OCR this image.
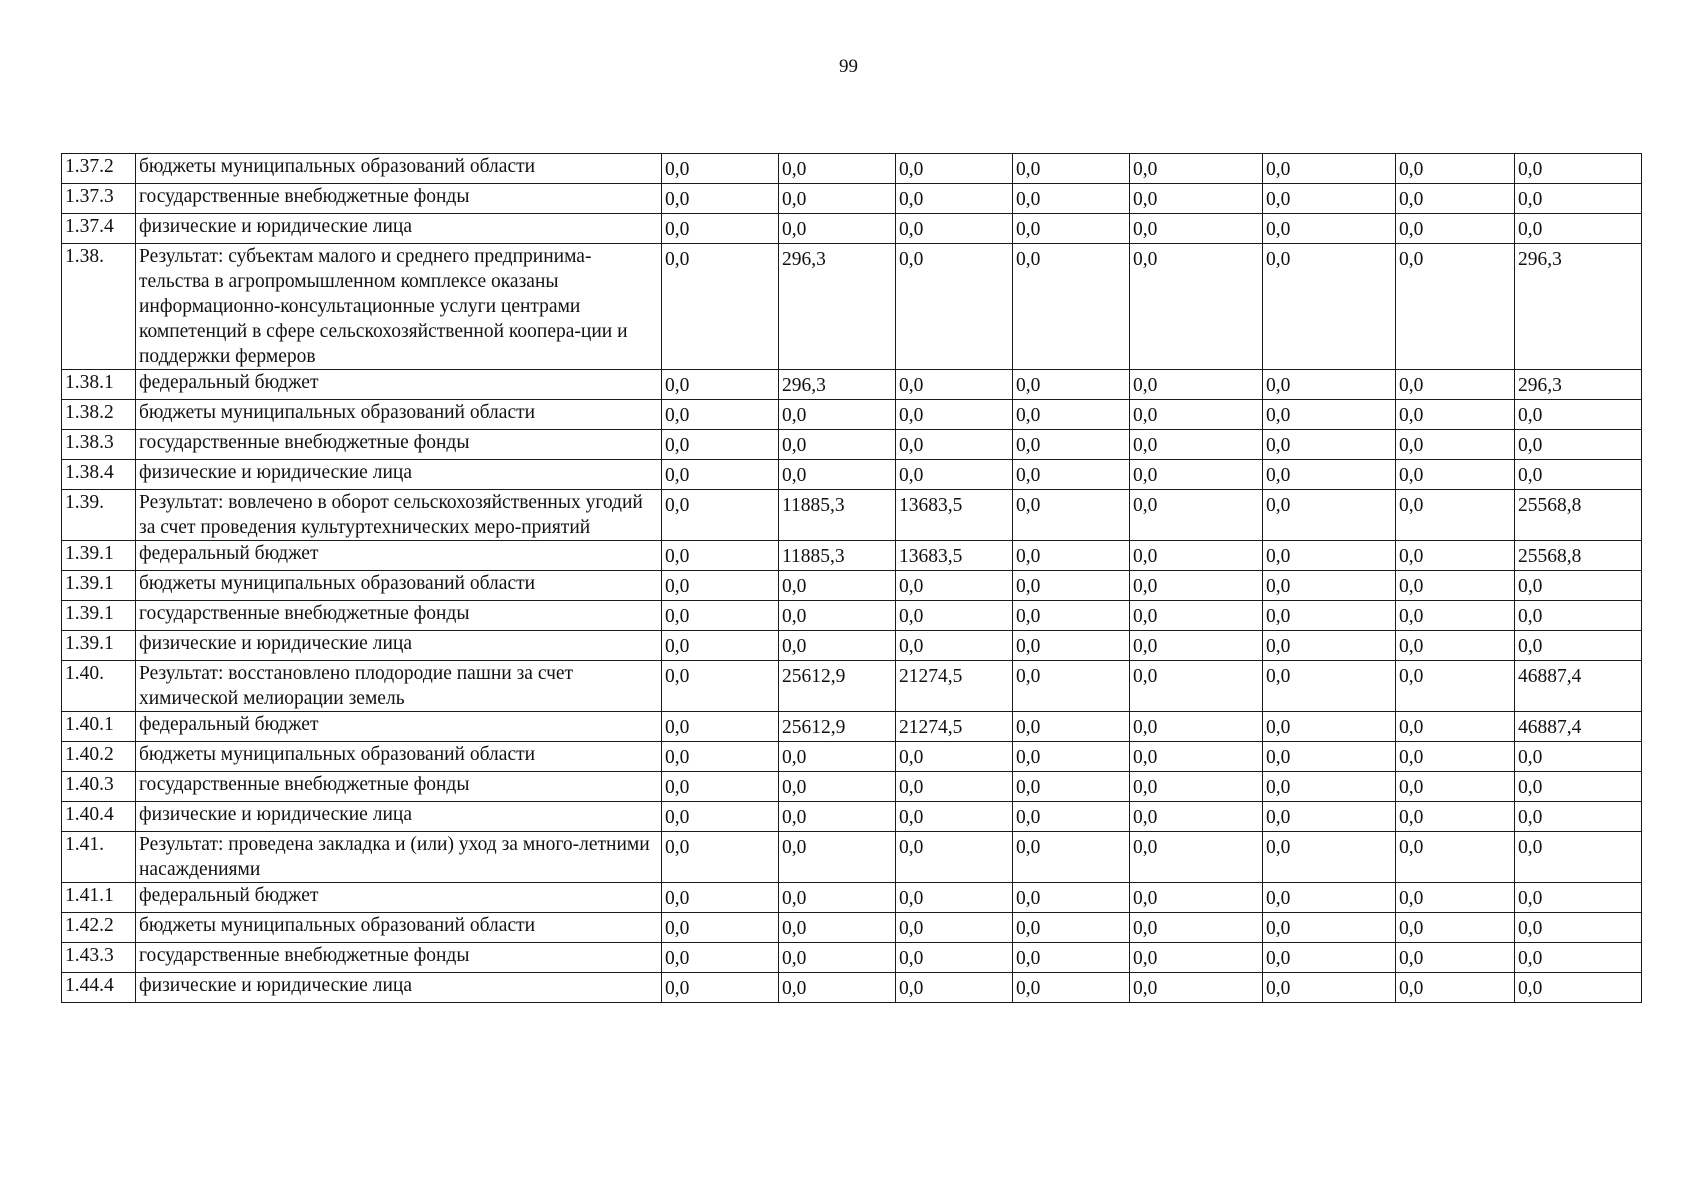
99
1.37.2	бюджеты муниципальных образований области	0,0	0,0	0,0	0,0	0,0	0,0	0,0	0,0
1.37.3	государственные внебюджетные фонды	0,0	0,0	0,0	0,0	0,0	0,0	0,0	0,0
1.37.4	физические и юридические лица	0,0	0,0	0,0	0,0	0,0	0,0	0,0	0,0
1.38.	Результат: субъектам малого и среднего предпринима-тельства в агропромышленном комплексе оказаны информационно-консультационные услуги центрами компетенций в сфере сельскохозяйственной коопера-ции и поддержки фермеров	0,0	296,3	0,0	0,0	0,0	0,0	0,0	296,3
1.38.1	федеральный бюджет	0,0	296,3	0,0	0,0	0,0	0,0	0,0	296,3
1.38.2	бюджеты муниципальных образований области	0,0	0,0	0,0	0,0	0,0	0,0	0,0	0,0
1.38.3	государственные внебюджетные фонды	0,0	0,0	0,0	0,0	0,0	0,0	0,0	0,0
1.38.4	физические и юридические лица	0,0	0,0	0,0	0,0	0,0	0,0	0,0	0,0
1.39.	Результат: вовлечено в оборот сельскохозяйственных угодий за счет проведения культуртехнических меро-приятий	0,0	11885,3	13683,5	0,0	0,0	0,0	0,0	25568,8
1.39.1	федеральный бюджет	0,0	11885,3	13683,5	0,0	0,0	0,0	0,0	25568,8
1.39.1	бюджеты муниципальных образований области	0,0	0,0	0,0	0,0	0,0	0,0	0,0	0,0
1.39.1	государственные внебюджетные фонды	0,0	0,0	0,0	0,0	0,0	0,0	0,0	0,0
1.39.1	физические и юридические лица	0,0	0,0	0,0	0,0	0,0	0,0	0,0	0,0
1.40.	Результат: восстановлено плодородие пашни за счет химической мелиорации земель	0,0	25612,9	21274,5	0,0	0,0	0,0	0,0	46887,4
1.40.1	федеральный бюджет	0,0	25612,9	21274,5	0,0	0,0	0,0	0,0	46887,4
1.40.2	бюджеты муниципальных образований области	0,0	0,0	0,0	0,0	0,0	0,0	0,0	0,0
1.40.3	государственные внебюджетные фонды	0,0	0,0	0,0	0,0	0,0	0,0	0,0	0,0
1.40.4	физические и юридические лица	0,0	0,0	0,0	0,0	0,0	0,0	0,0	0,0
1.41.	Результат: проведена закладка и (или) уход за много-летними насаждениями	0,0	0,0	0,0	0,0	0,0	0,0	0,0	0,0
1.41.1	федеральный бюджет	0,0	0,0	0,0	0,0	0,0	0,0	0,0	0,0
1.42.2	бюджеты муниципальных образований области	0,0	0,0	0,0	0,0	0,0	0,0	0,0	0,0
1.43.3	государственные внебюджетные фонды	0,0	0,0	0,0	0,0	0,0	0,0	0,0	0,0
1.44.4	физические и юридические лица	0,0	0,0	0,0	0,0	0,0	0,0	0,0	0,0
